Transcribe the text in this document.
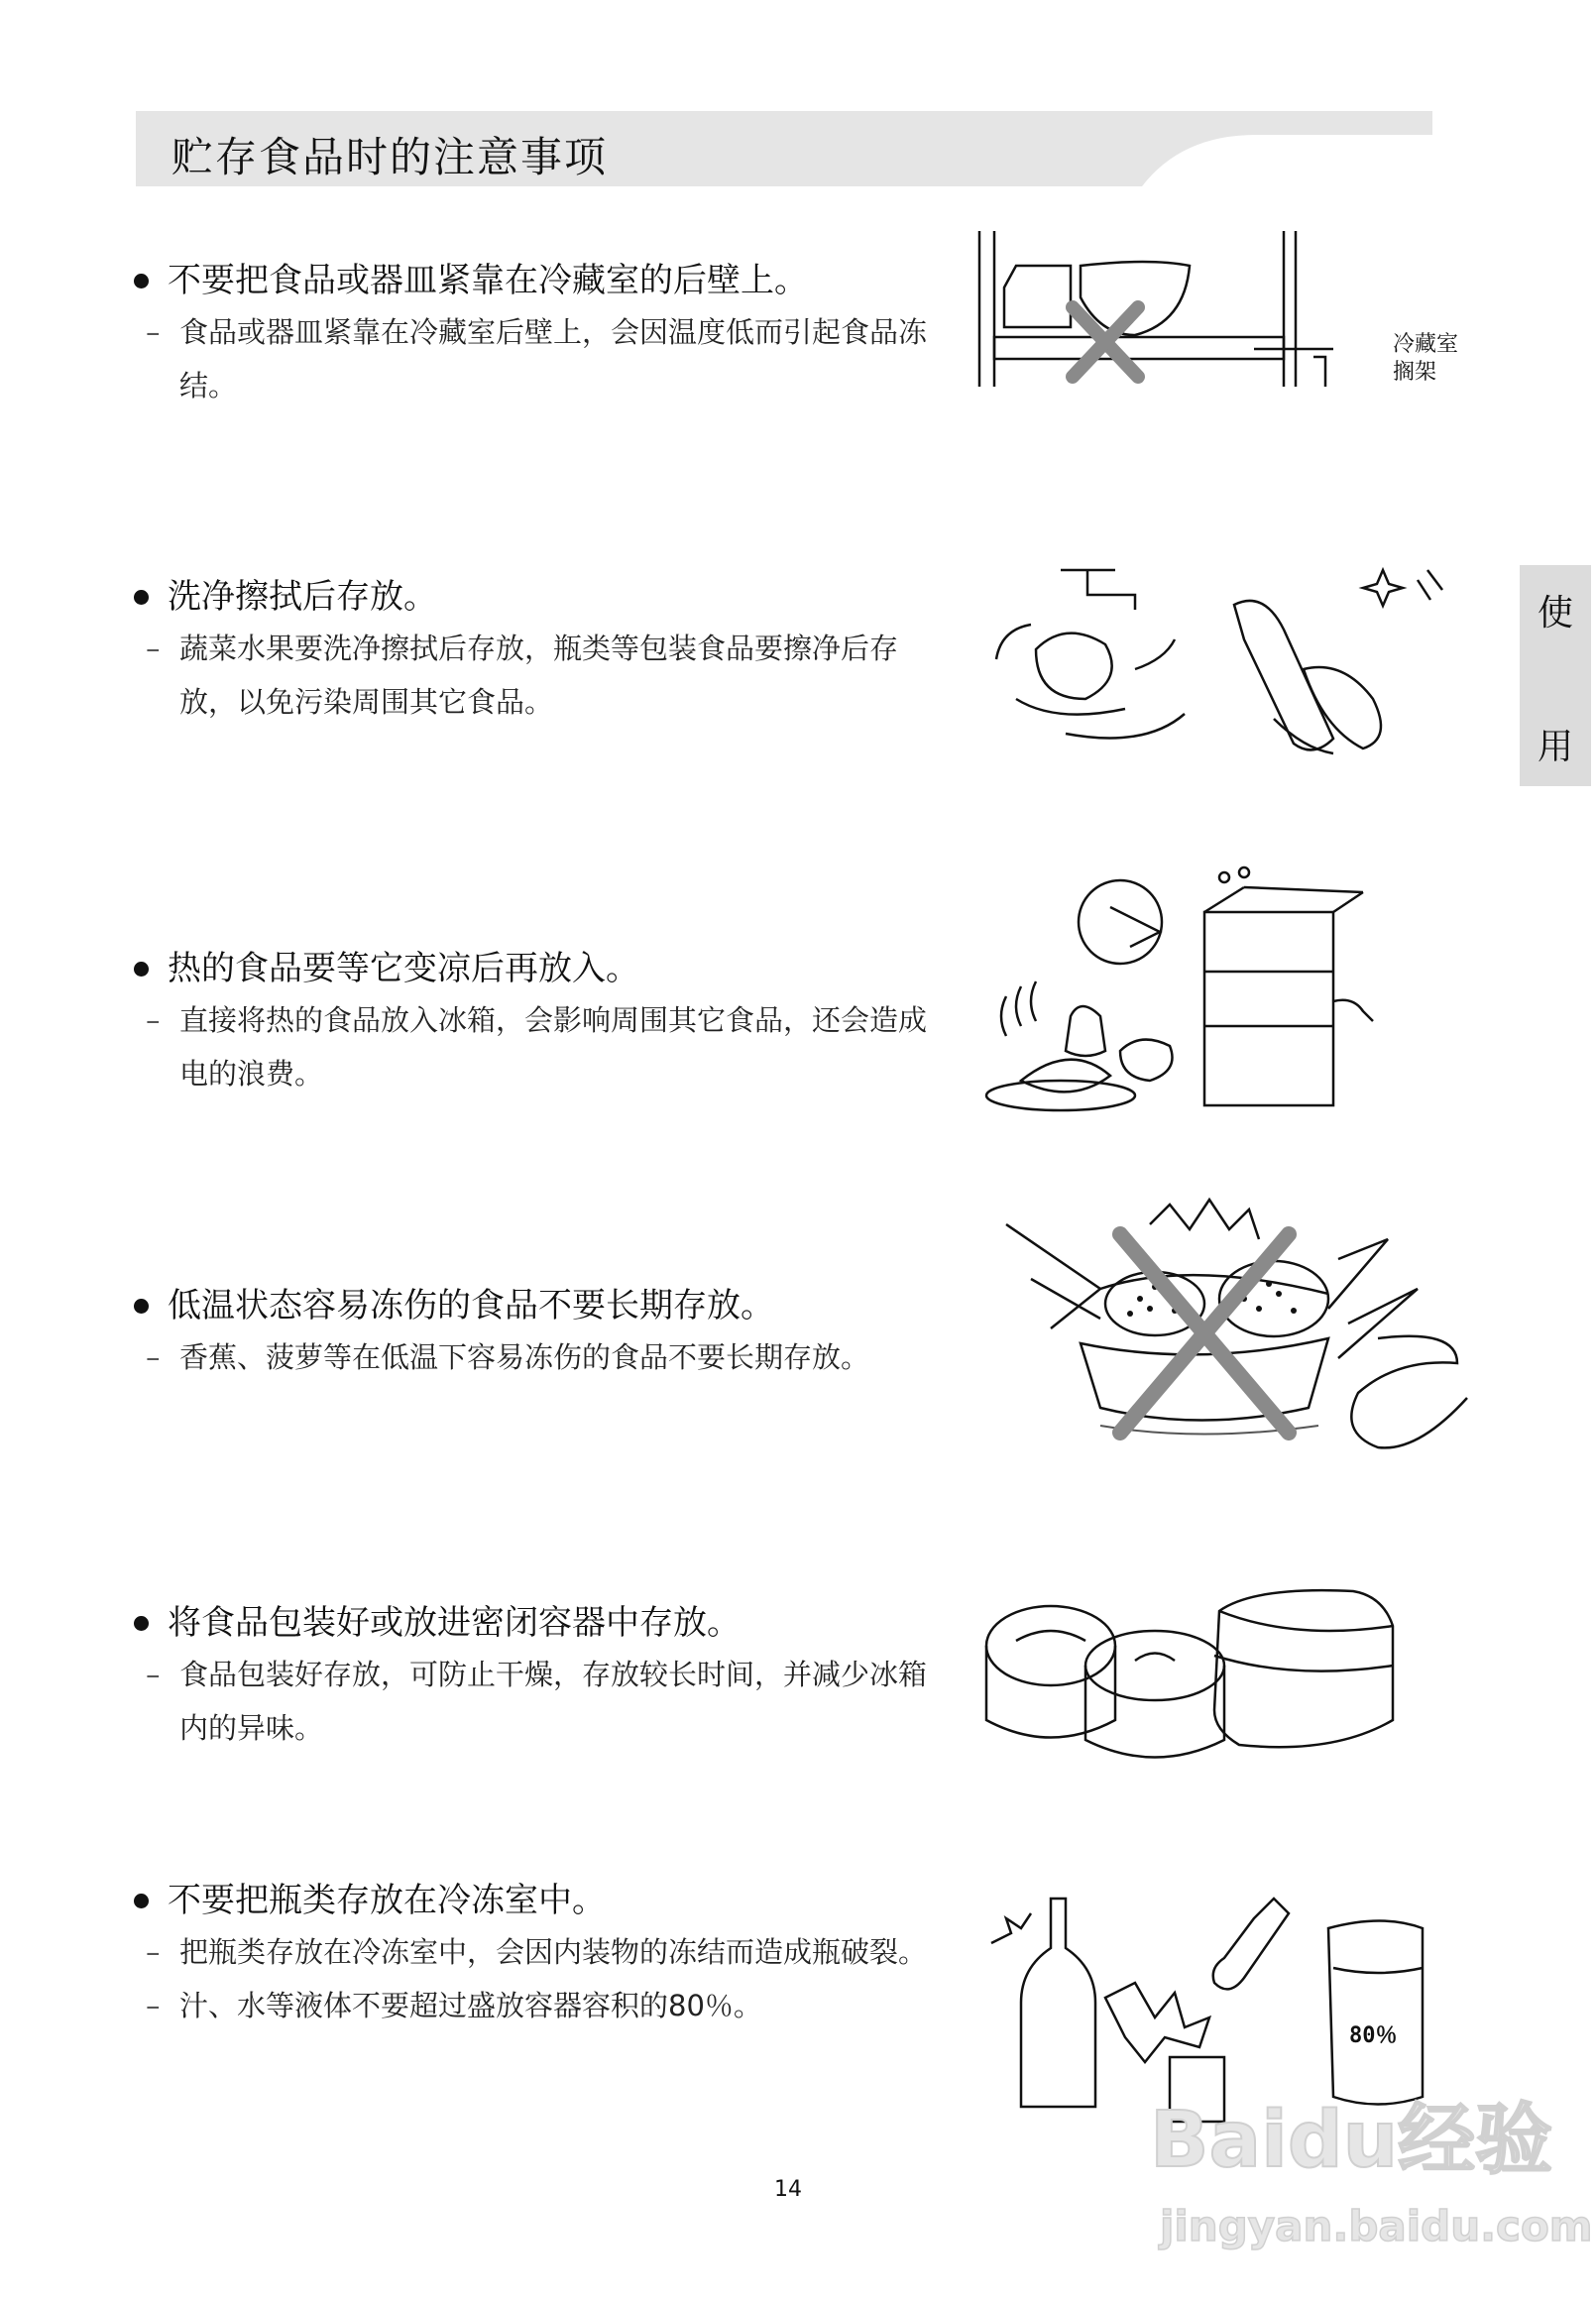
贮存食品时的注意事项
使
用
不要把食品或器皿紧靠在冷藏室的后壁上。
– 食品或器皿紧靠在冷藏室后壁上，会因温度低而引起食品冻结。
冷藏室
搁架
洗净擦拭后存放。
– 蔬菜水果要洗净擦拭后存放，瓶类等包装食品要擦净后存放，以免污染周围其它食品。
热的食品要等它变凉后再放入。
– 直接将热的食品放入冰箱，会影响周围其它食品，还会造成电的浪费。
低温状态容易冻伤的食品不要长期存放。
– 香蕉、菠萝等在低温下容易冻伤的食品不要长期存放。
将食品包装好或放进密闭容器中存放。
– 食品包装好存放，可防止干燥，存放较长时间，并减少冰箱内的异味。
不要把瓶类存放在冷冻室中。
– 把瓶类存放在冷冻室中，会因内装物的冻结而造成瓶破裂。
– 汁、水等液体不要超过盛放容器容积的80％。
80％
14
Baidu经验
jingyan.baidu.com
